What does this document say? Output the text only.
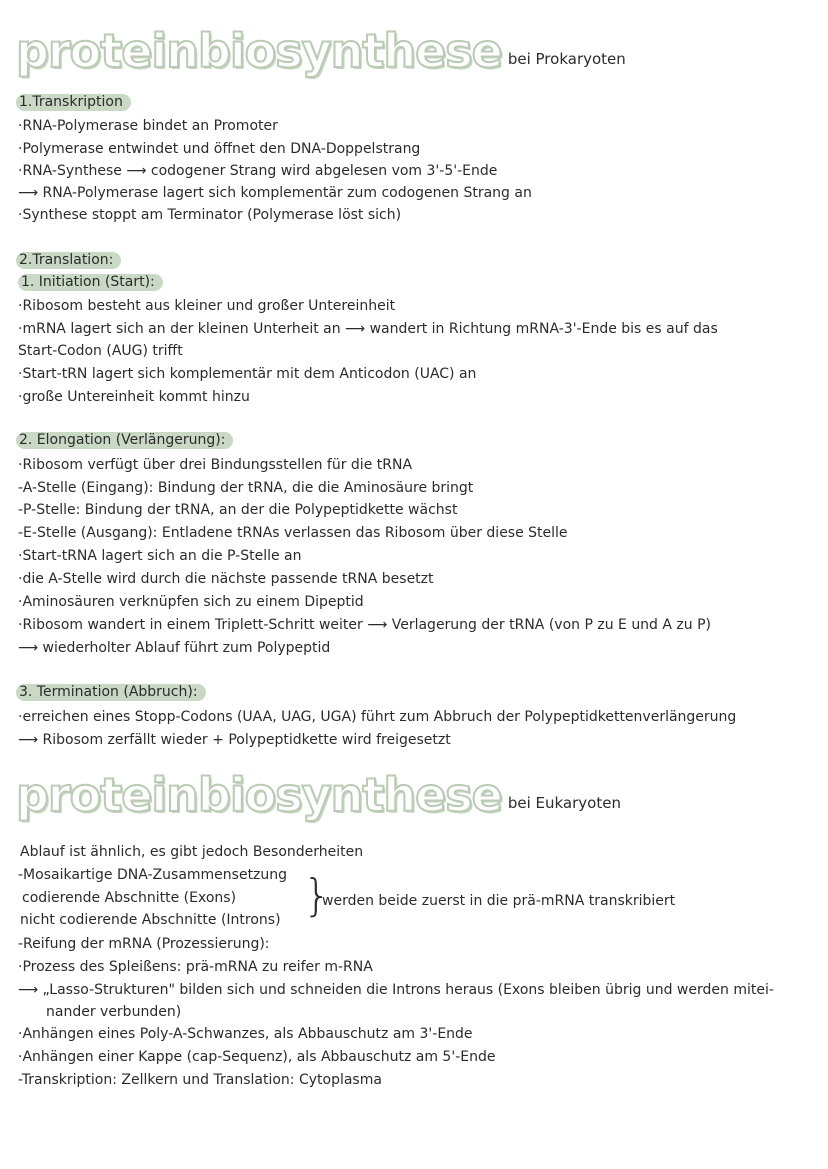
proteinbiosynthese bei Prokaryoten
1.Transkription
·RNA-Polymerase bindet an Promoter
·Polymerase entwindet und öffnet den DNA-Doppelstrang
·RNA-Synthese ⟶ codogener Strang wird abgelesen vom 3'-5'-Ende
⟶ RNA-Polymerase lagert sich komplementär zum codogenen Strang an
·Synthese stoppt am Terminator (Polymerase löst sich)
2.Translation:
1. Initiation (Start):
·Ribosom besteht aus kleiner und großer Untereinheit
·mRNA lagert sich an der kleinen Unterheit an ⟶ wandert in Richtung mRNA-3'-Ende bis es auf das
Start-Codon (AUG) trifft
·Start-tRN lagert sich komplementär mit dem Anticodon (UAC) an
·große Untereinheit kommt hinzu
2. Elongation (Verlängerung):
·Ribosom verfügt über drei Bindungsstellen für die tRNA
-A-Stelle (Eingang): Bindung der tRNA, die die Aminosäure bringt
-P-Stelle: Bindung der tRNA, an der die Polypeptidkette wächst
-E-Stelle (Ausgang): Entladene tRNAs verlassen das Ribosom über diese Stelle
·Start-tRNA lagert sich an die P-Stelle an
·die A-Stelle wird durch die nächste passende tRNA besetzt
·Aminosäuren verknüpfen sich zu einem Dipeptid
·Ribosom wandert in einem Triplett-Schritt weiter ⟶ Verlagerung der tRNA (von P zu E und A zu P)
⟶ wiederholter Ablauf führt zum Polypeptid
3. Termination (Abbruch):
·erreichen eines Stopp-Codons (UAA, UAG, UGA) führt zum Abbruch der Polypeptidkettenverlängerung
⟶ Ribosom zerfällt wieder + Polypeptidkette wird freigesetzt
proteinbiosynthese bei Eukaryoten
Ablauf ist ähnlich, es gibt jedoch Besonderheiten
-Mosaikartige DNA-Zusammensetzung
codierende Abschnitte (Exons)
nicht codierende Abschnitte (Introns) }
werden beide zuerst in die prä-mRNA transkribiert
-Reifung der mRNA (Prozessierung):
·Prozess des Spleißens: prä-mRNA zu reifer m-RNA
⟶ „Lasso-Strukturen" bilden sich und schneiden die Introns heraus (Exons bleiben übrig und werden mitei-
nander verbunden)
·Anhängen eines Poly-A-Schwanzes, als Abbauschutz am 3'-Ende
·Anhängen einer Kappe (cap-Sequenz), als Abbauschutz am 5'-Ende
-Transkription: Zellkern und Translation: Cytoplasma
